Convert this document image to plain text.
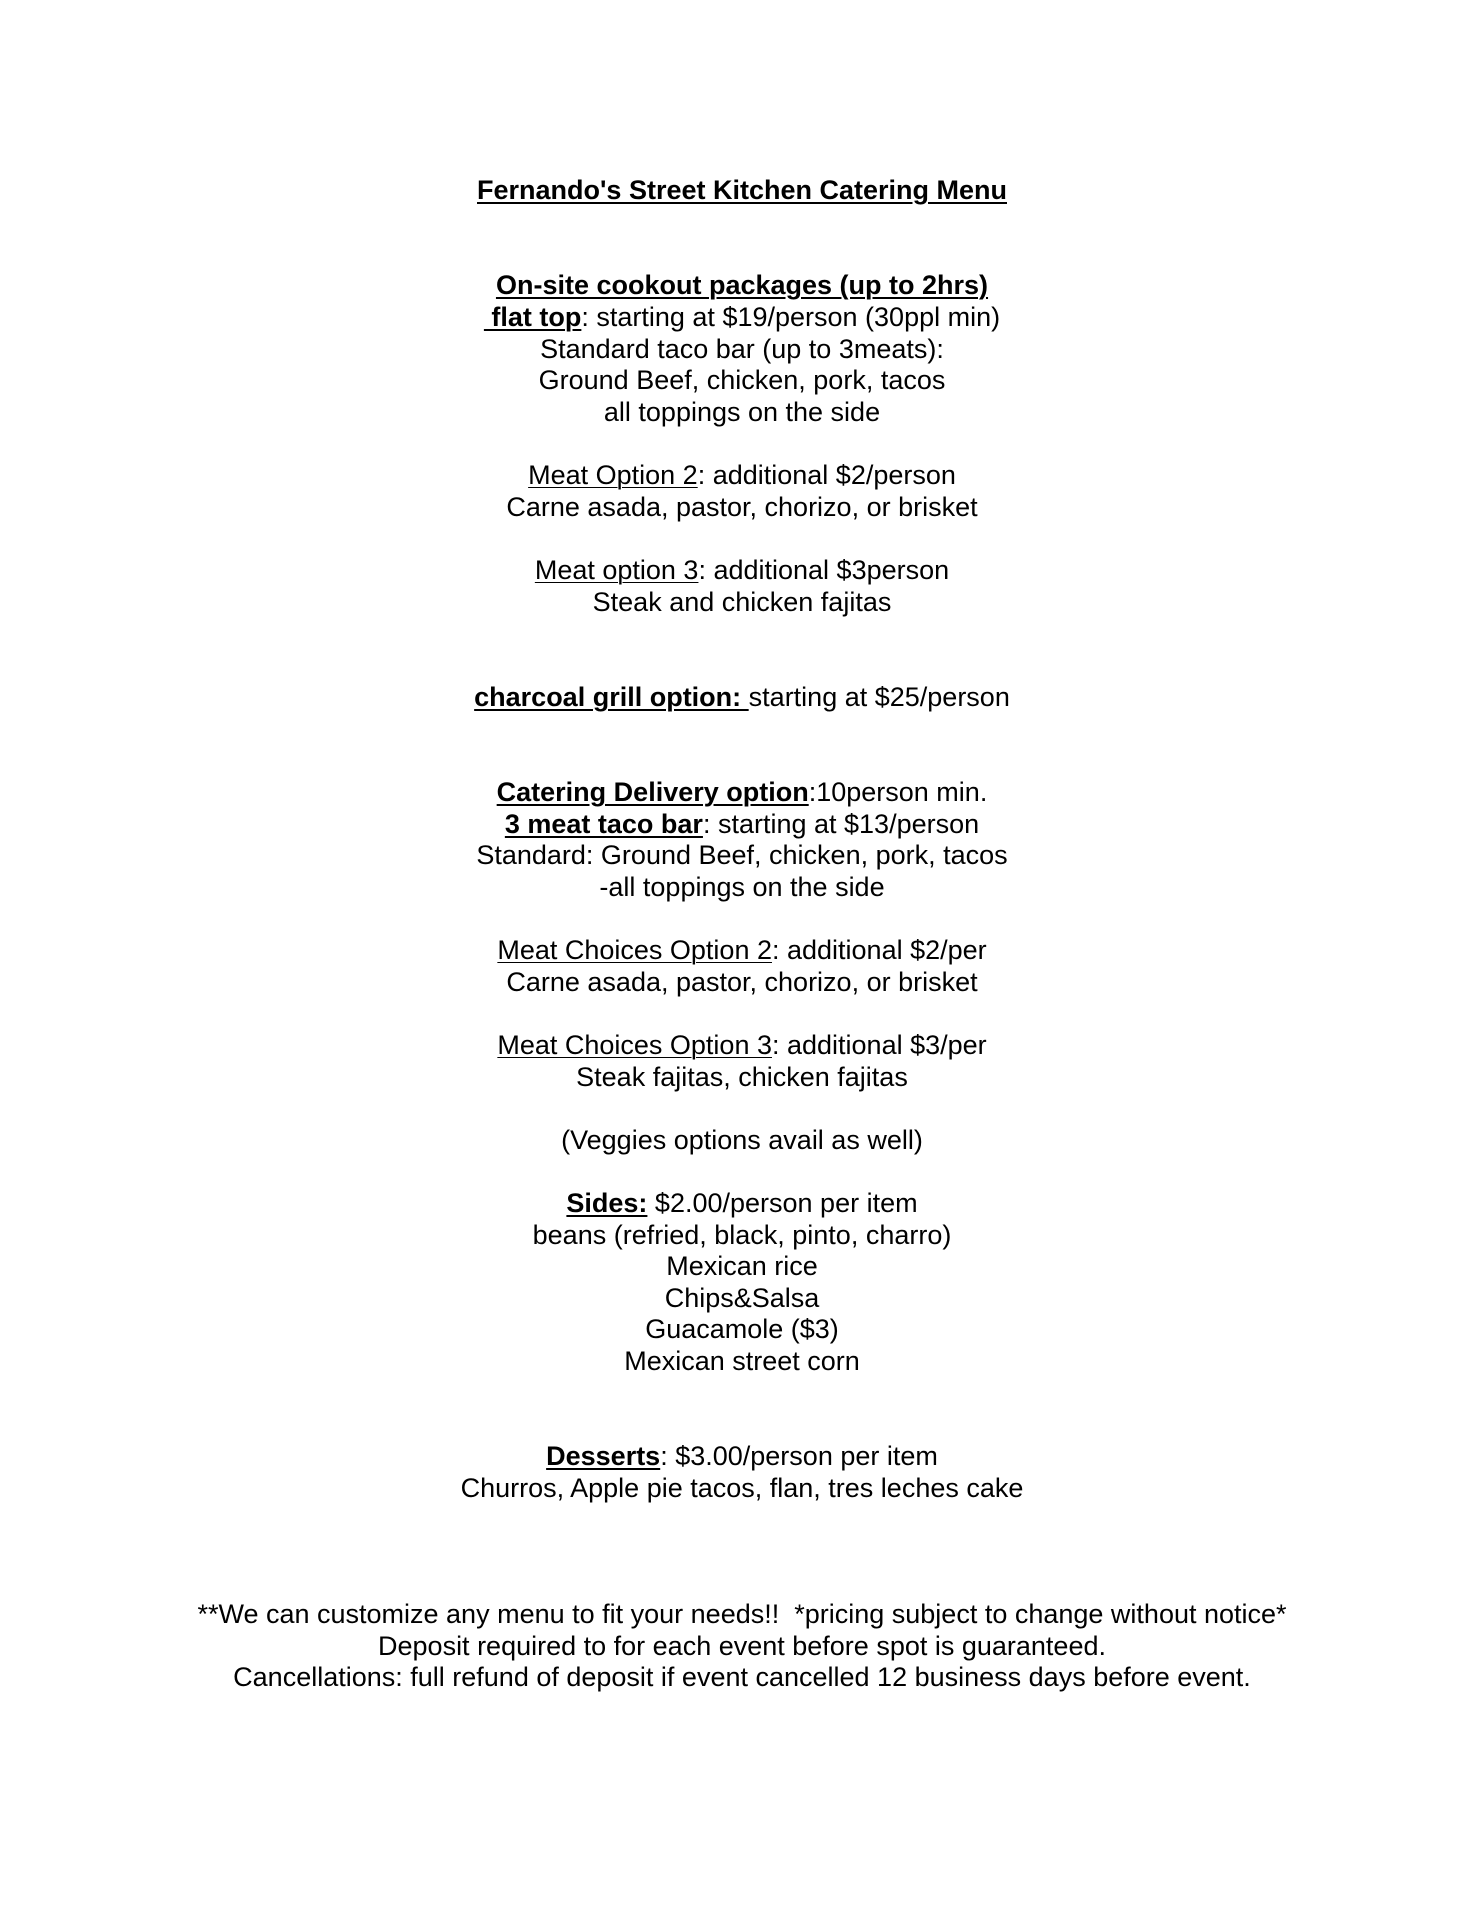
Fernando's Street Kitchen Catering Menu
On-site cookout packages (up to 2hrs)
flat top: starting at $19/person (30ppl min)
Standard taco bar (up to 3meats):
Ground Beef, chicken, pork, tacos
all toppings on the side
Meat Option 2: additional $2/person
Carne asada, pastor, chorizo, or brisket
Meat option 3: additional $3person
Steak and chicken fajitas
charcoal grill option: starting at $25/person
Catering Delivery option:10person min.
3 meat taco bar: starting at $13/person
Standard: Ground Beef, chicken, pork, tacos
-all toppings on the side
Meat Choices Option 2: additional $2/per
Carne asada, pastor, chorizo, or brisket
Meat Choices Option 3: additional $3/per
Steak fajitas, chicken fajitas
(Veggies options avail as well)
Sides: $2.00/person per item
beans (refried, black, pinto, charro)
Mexican rice
Chips&Salsa
Guacamole ($3)
Mexican street corn
Desserts: $3.00/person per item
Churros, Apple pie tacos, flan, tres leches cake
**We can customize any menu to fit your needs!!  *pricing subject to change without notice*
Deposit required to for each event before spot is guaranteed.
Cancellations: full refund of deposit if event cancelled 12 business days before event.
